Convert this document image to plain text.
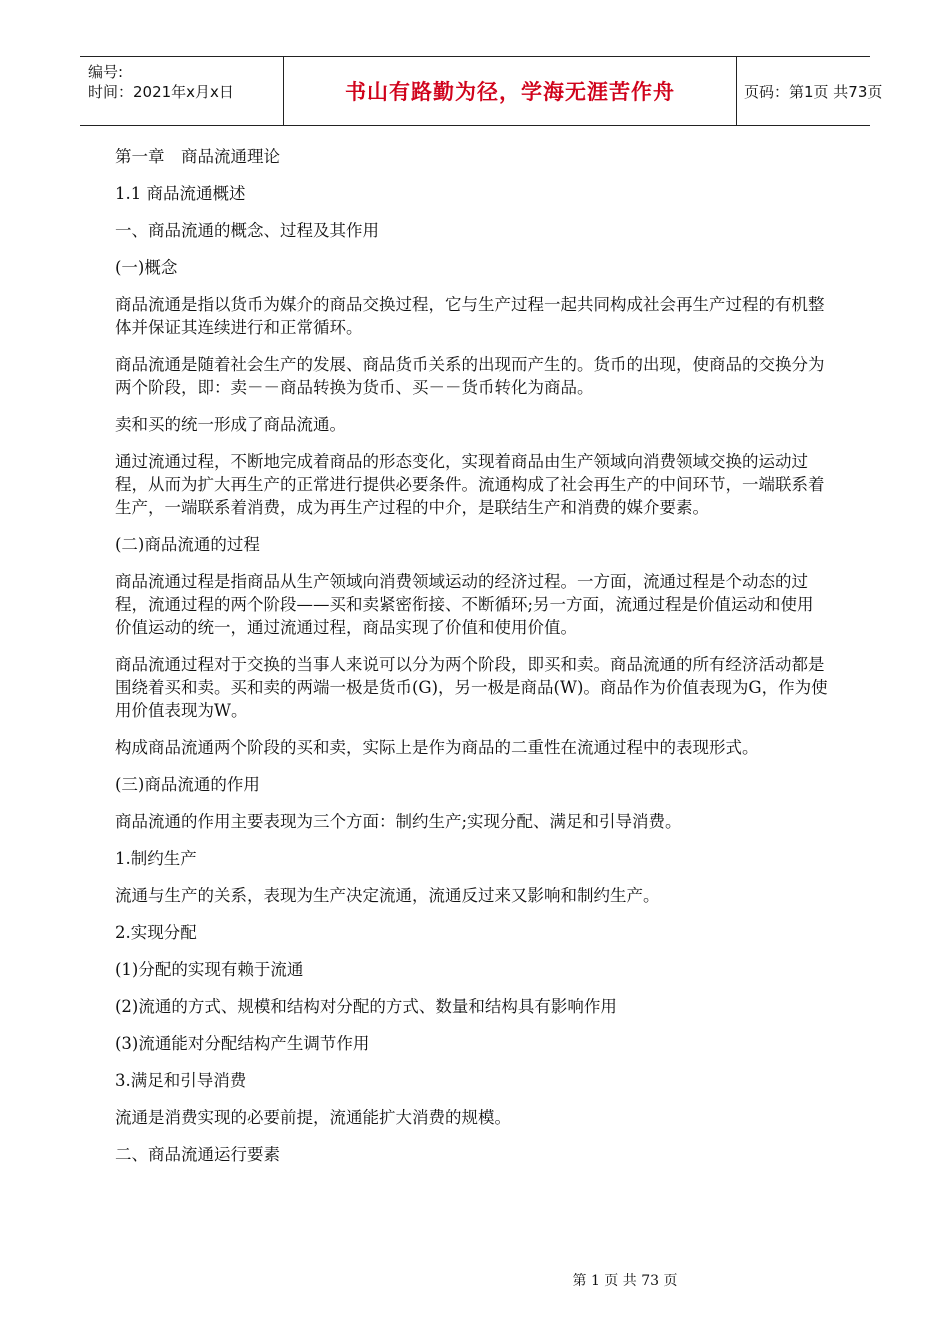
编号:
时间：2021年x月x日	书山有路勤为径，学海无涯苦作舟	页码：第1页 共73页

第一章　商品流通理论

1.1 商品流通概述

一、商品流通的概念、过程及其作用

(一)概念

商品流通是指以货币为媒介的商品交换过程，它与生产过程一起共同构成社会再生产过程的有机整体并保证其连续进行和正常循环。

商品流通是随着社会生产的发展、商品货币关系的出现而产生的。货币的出现，使商品的交换分为两个阶段，即：卖－－商品转换为货币、买－－货币转化为商品。

卖和买的统一形成了商品流通。

通过流通过程，不断地完成着商品的形态变化，实现着商品由生产领域向消费领域交换的运动过程，从而为扩大再生产的正常进行提供必要条件。流通构成了社会再生产的中间环节，一端联系着生产，一端联系着消费，成为再生产过程的中介，是联结生产和消费的媒介要素。

(二)商品流通的过程

商品流通过程是指商品从生产领域向消费领域运动的经济过程。一方面，流通过程是个动态的过程，流通过程的两个阶段——买和卖紧密衔接、不断循环;另一方面，流通过程是价值运动和使用价值运动的统一，通过流通过程，商品实现了价值和使用价值。

商品流通过程对于交换的当事人来说可以分为两个阶段，即买和卖。商品流通的所有经济活动都是围绕着买和卖。买和卖的两端一极是货币(G)，另一极是商品(W)。商品作为价值表现为G，作为使用价值表现为W。

构成商品流通两个阶段的买和卖，实际上是作为商品的二重性在流通过程中的表现形式。

(三)商品流通的作用

商品流通的作用主要表现为三个方面：制约生产;实现分配、满足和引导消费。

1.制约生产

流通与生产的关系，表现为生产决定流通，流通反过来又影响和制约生产。

2.实现分配

(1)分配的实现有赖于流通

(2)流通的方式、规模和结构对分配的方式、数量和结构具有影响作用

(3)流通能对分配结构产生调节作用

3.满足和引导消费

流通是消费实现的必要前提，流通能扩大消费的规模。

二、商品流通运行要素

第 1 页 共 73 页
